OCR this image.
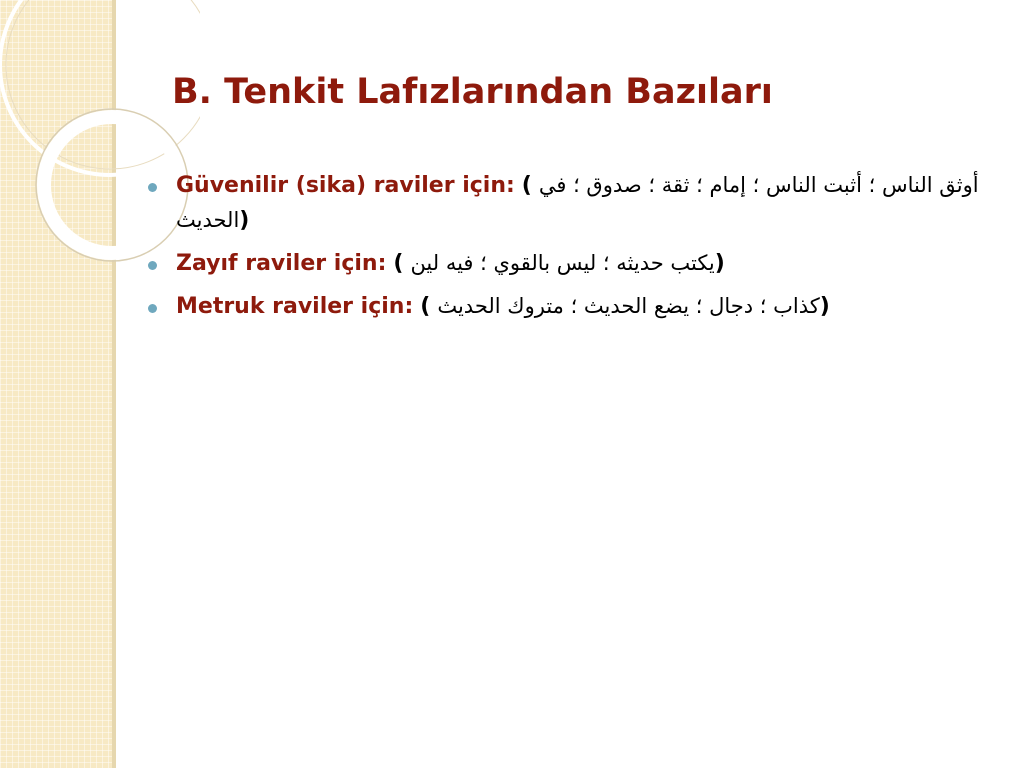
B. Tenkit Lafızlarından Bazıları
Güvenilir (sika) raviler için: ( أوثق الناس ؛ أثبت الناس ؛ إمام ؛ ثقة ؛ صدوق ؛ في الحديث)
Zayıf raviler için: ( يكتب حديثه ؛ ليس بالقوي ؛ فيه لين)
Metruk raviler için: ( كذاب ؛ دجال ؛ يضع الحديث ؛ متروك الحديث)
